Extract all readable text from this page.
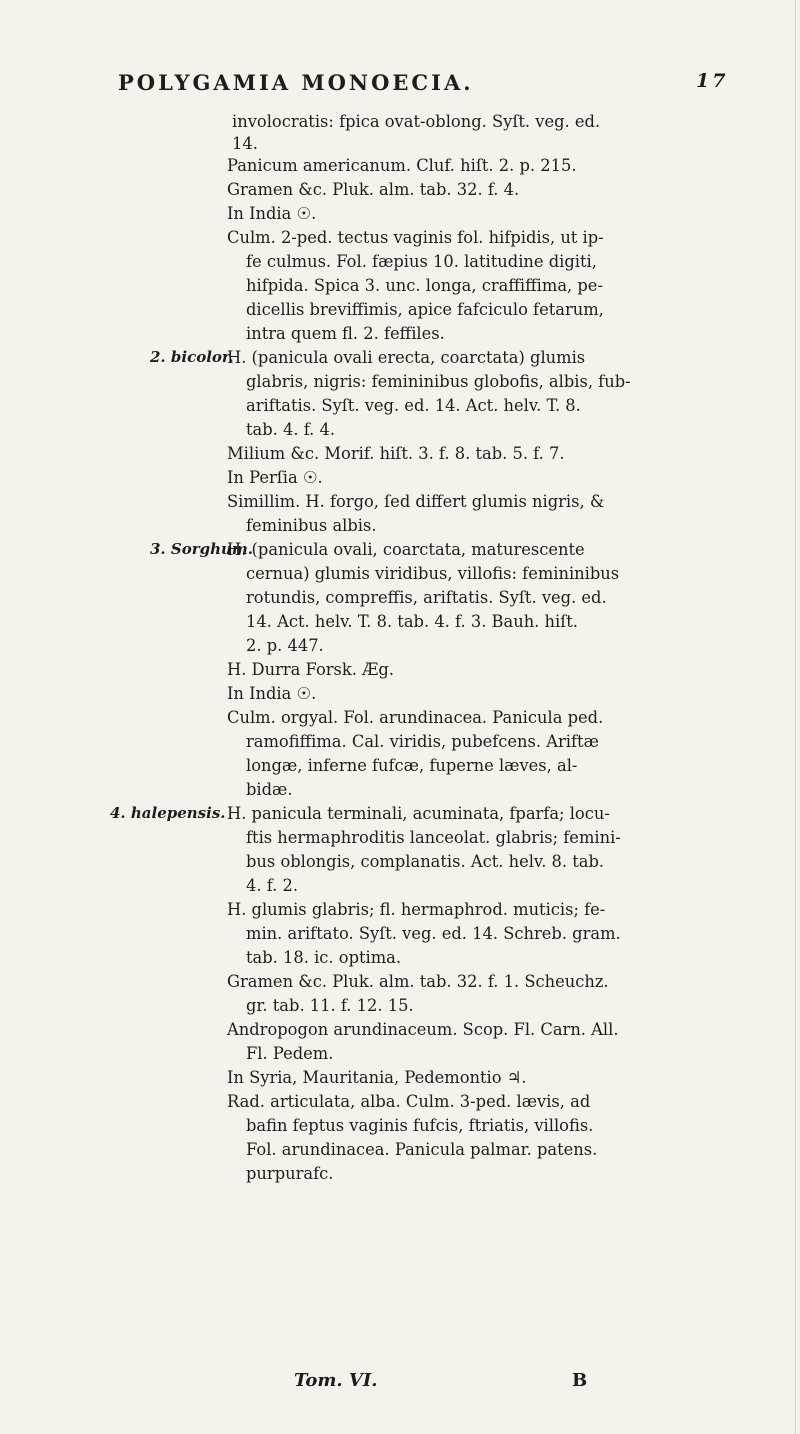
POLYGAMIA MONOECIA.	17
involocratis: fpica ovat-oblong. Syſt. veg. ed.
14.
Panicum americanum. Cluf. hiſt. 2. p. 215.
Gramen &c. Pluk. alm. tab. 32. f. 4.
In India ☉.
Culm. 2-ped. tectus vaginis fol. hifpidis, ut ip-
fe culmus. Fol. fæpius 10. latitudine digiti,
hifpida. Spica 3. unc. longa, craffiffima, pe-
dicellis breviffimis, apice fafciculo fetarum,
intra quem fl. 2. feffiles.
2. bicolor.
H. (panicula ovali erecta, coarctata) glumis
glabris, nigris: femininibus globofis, albis, fub-
ariftatis. Syſt. veg. ed. 14. Act. helv. T. 8.
tab. 4. f. 4.
Milium &c. Morif. hiſt. 3. f. 8. tab. 5. f. 7.
In Perſia ☉.
Simillim. H. forgo, ſed differt glumis nigris, &
feminibus albis.
3. Sorghum.
H. (panicula ovali, coarctata, maturescente
cernua) glumis viridibus, villofis: femininibus
rotundis, compreffis, ariftatis. Syſt. veg. ed.
14. Act. helv. T. 8. tab. 4. f. 3. Bauh. hiſt.
2. p. 447.
H. Durra Forsk. Æg.
In India ☉.
Culm. orgyal. Fol. arundinacea. Panicula ped.
ramofiffima. Cal. viridis, pubefcens. Ariftæ
longæ, inferne fufcæ, fuperne læves, al-
bidæ.
4. halepensis. H. panicula terminali, acuminata, fparfa; locu-
ftis hermaphroditis lanceolat. glabris; femini-
bus oblongis, complanatis. Act. helv. 8. tab.
4. f. 2.
H. glumis glabris; fl. hermaphrod. muticis; fe-
min. ariftato. Syſt. veg. ed. 14. Schreb. gram.
tab. 18. ic. optima.
Gramen &c. Pluk. alm. tab. 32. f. 1. Scheuchz.
gr. tab. 11. f. 12. 15.
Andropogon arundinaceum. Scop. Fl. Carn. All.
Fl. Pedem.
In Syria, Mauritania, Pedemontio ♃.
Rad. articulata, alba. Culm. 3-ped. lævis, ad
bafin feptus vaginis fufcis, ftriatis, villofis.
Fol. arundinacea. Panicula palmar. patens.
purpurafc.
Tom. VI.	B
